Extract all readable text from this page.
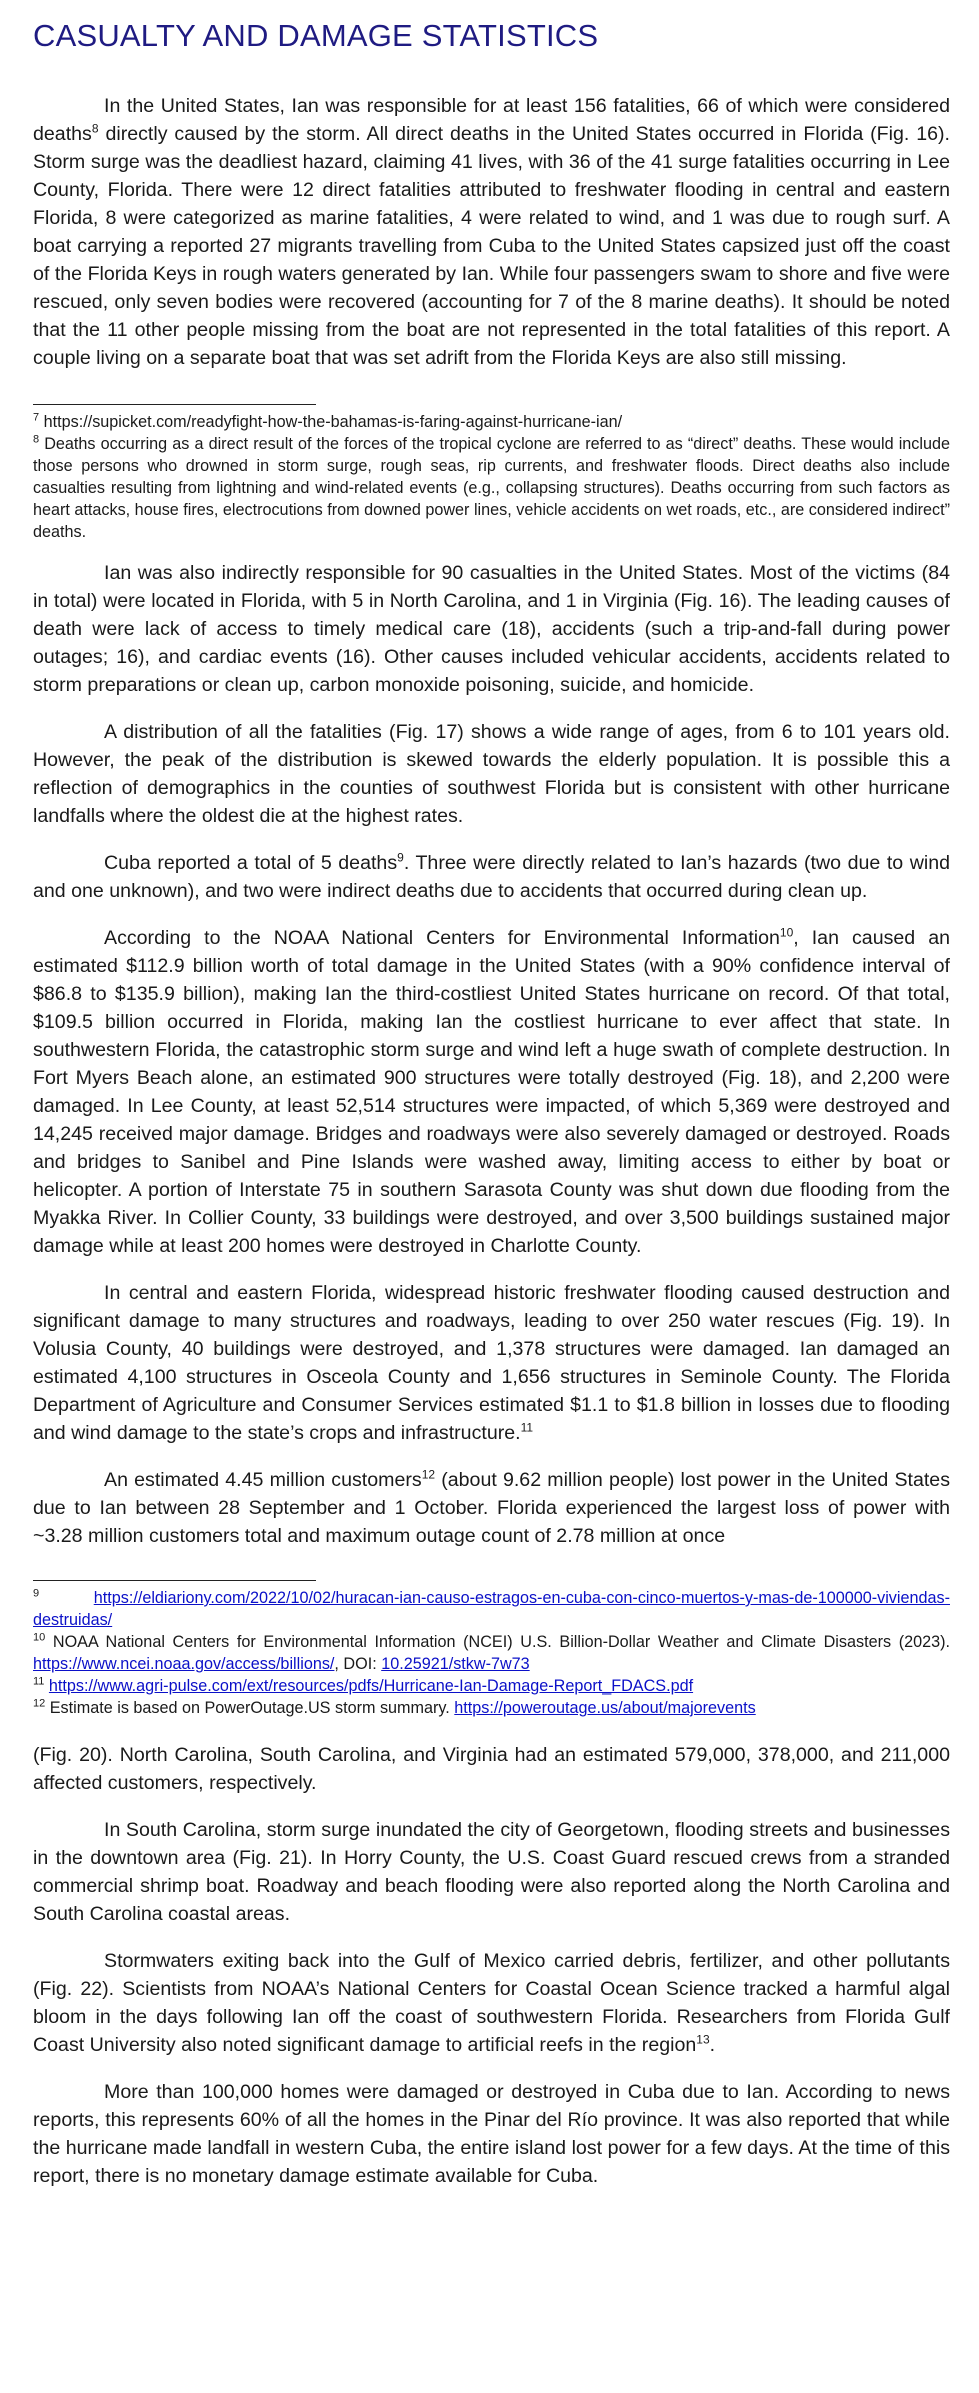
CASUALTY AND DAMAGE STATISTICS

In the United States, Ian was responsible for at least 156 fatalities, 66 of which were considered deaths$^8$ directly caused by the storm. All direct deaths in the United States occurred in Florida (Fig. 16). Storm surge was the deadliest hazard, claiming 41 lives, with 36 of the 41 surge fatalities occurring in Lee County, Florida. There were 12 direct fatalities attributed to freshwater flooding in central and eastern Florida, 8 were categorized as marine fatalities, 4 were related to wind, and 1 was due to rough surf. A boat carrying a reported 27 migrants travelling from Cuba to the United States capsized just off the coast of the Florida Keys in rough waters generated by Ian. While four passengers swam to shore and five were rescued, only seven bodies were recovered (accounting for 7 of the 8 marine deaths). It should be noted that the 11 other people missing from the boat are not represented in the total fatalities of this report. A couple living on a separate boat that was set adrift from the Florida Keys are also still missing.

$^7$ https://supicket.com/readyfight-how-the-bahamas-is-faring-against-hurricane-ian/

$^8$ Deaths occurring as a direct result of the forces of the tropical cyclone are referred to as “direct” deaths. These would include those persons who drowned in storm surge, rough seas, rip currents, and freshwater floods. Direct deaths also include casualties resulting from lightning and wind-related events (e.g., collapsing structures). Deaths occurring from such factors as heart attacks, house fires, electrocutions from downed power lines, vehicle accidents on wet roads, etc., are considered indirect” deaths.

Ian was also indirectly responsible for 90 casualties in the United States. Most of the victims (84 in total) were located in Florida, with 5 in North Carolina, and 1 in Virginia (Fig. 16). The leading causes of death were lack of access to timely medical care (18), accidents (such a trip-and-fall during power outages; 16), and cardiac events (16). Other causes included vehicular accidents, accidents related to storm preparations or clean up, carbon monoxide poisoning, suicide, and homicide.

A distribution of all the fatalities (Fig. 17) shows a wide range of ages, from 6 to 101 years old. However, the peak of the distribution is skewed towards the elderly population. It is possible this a reflection of demographics in the counties of southwest Florida but is consistent with other hurricane landfalls where the oldest die at the highest rates.

Cuba reported a total of 5 deaths$^9$. Three were directly related to Ian’s hazards (two due to wind and one unknown), and two were indirect deaths due to accidents that occurred during clean up.

According to the NOAA National Centers for Environmental Information$^{10}$, Ian caused an estimated $112.9 billion worth of total damage in the United States (with a 90% confidence interval of $86.8 to $135.9 billion), making Ian the third-costliest United States hurricane on record. Of that total, $109.5 billion occurred in Florida, making Ian the costliest hurricane to ever affect that state. In southwestern Florida, the catastrophic storm surge and wind left a huge swath of complete destruction. In Fort Myers Beach alone, an estimated 900 structures were totally destroyed (Fig. 18), and 2,200 were damaged. In Lee County, at least 52,514 structures were impacted, of which 5,369 were destroyed and 14,245 received major damage. Bridges and roadways were also severely damaged or destroyed. Roads and bridges to Sanibel and Pine Islands were washed away, limiting access to either by boat or helicopter. A portion of Interstate 75 in southern Sarasota County was shut down due flooding from the Myakka River. In Collier County, 33 buildings were destroyed, and over 3,500 buildings sustained major damage while at least 200 homes were destroyed in Charlotte County.

In central and eastern Florida, widespread historic freshwater flooding caused destruction and significant damage to many structures and roadways, leading to over 250 water rescues (Fig. 19). In Volusia County, 40 buildings were destroyed, and 1,378 structures were damaged. Ian damaged an estimated 4,100 structures in Osceola County and 1,656 structures in Seminole County. The Florida Department of Agriculture and Consumer Services estimated $1.1 to $1.8 billion in losses due to flooding and wind damage to the state’s crops and infrastructure.$^{11}$

An estimated 4.45 million customers$^{12}$ (about 9.62 million people) lost power in the United States due to Ian between 28 September and 1 October. Florida experienced the largest loss of power with ~3.28 million customers total and maximum outage count of 2.78 million at once

$^9$	https://eldiariony.com/2022/10/02/huracan-ian-causo-estragos-en-cuba-con-cinco-muertos-y-mas-de-100000-viviendas-destruidas/

$^{10}$ NOAA National Centers for Environmental Information (NCEI) U.S. Billion-Dollar Weather and Climate Disasters (2023). https://www.ncei.noaa.gov/access/billions/, DOI: 10.25921/stkw-7w73

$^{11}$ https://www.agri-pulse.com/ext/resources/pdfs/Hurricane-Ian-Damage-Report_FDACS.pdf

$^{12}$ Estimate is based on PowerOutage.US storm summary. https://poweroutage.us/about/majorevents

(Fig. 20). North Carolina, South Carolina, and Virginia had an estimated 579,000, 378,000, and 211,000 affected customers, respectively.

In South Carolina, storm surge inundated the city of Georgetown, flooding streets and businesses in the downtown area (Fig. 21). In Horry County, the U.S. Coast Guard rescued crews from a stranded commercial shrimp boat. Roadway and beach flooding were also reported along the North Carolina and South Carolina coastal areas.

Stormwaters exiting back into the Gulf of Mexico carried debris, fertilizer, and other pollutants (Fig. 22). Scientists from NOAA’s National Centers for Coastal Ocean Science tracked a harmful algal bloom in the days following Ian off the coast of southwestern Florida. Researchers from Florida Gulf Coast University also noted significant damage to artificial reefs in the region$^{13}$.

More than 100,000 homes were damaged or destroyed in Cuba due to Ian. According to news reports, this represents 60% of all the homes in the Pinar del Río province. It was also reported that while the hurricane made landfall in western Cuba, the entire island lost power for a few days. At the time of this report, there is no monetary damage estimate available for Cuba.
